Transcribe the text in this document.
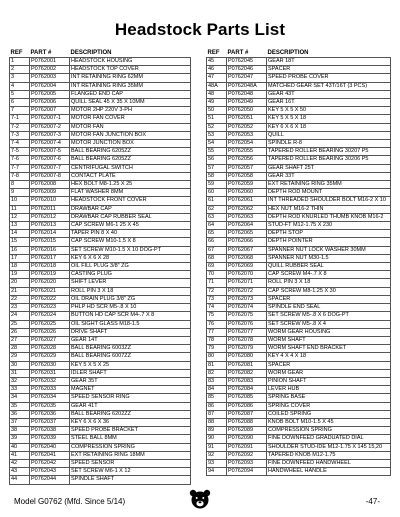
Headstock Parts List
REF	PART #	DESCRIPTION
1	P0762001	HEADSTOCK HOUSING
2	P0762002	HEADSTOCK TOP COVER
3	P0762003	INT RETAINING RING 62MM
4	P0762004	INT RETAINING RING 35MM
5	P0762005	FLANGED END CAP
6	P0762006	QUILL SEAL 45 X 35 X 10MM
7	P0762007	MOTOR 2HP 220V 3-PH
7-1	P0762007-1	MOTOR FAN COVER
7-2	P0762007-2	MOTOR FAN
7-3	P0762007-3	MOTOR FAN JUNCTION BOX
7-4	P0762007-4	MOTOR JUNCTION BOX
7-5	P0762007-5	BALL BEARING 6205ZZ
7-6	P0762007-6	BALL BEARING 6205ZZ
7-7	P0762007-7	CENTRIFUGAL SWITCH
7-8	P0762007-8	CONTACT PLATE
8	P0762008	HEX BOLT M8-1.25 X 25
9	P0762009	FLAT WASHER 8MM
10	P0762010	HEADSTOCK FRONT COVER
11	P0762011	DRAWBAR CAP
12	P0762012	DRAWBAR CAP RUBBER SEAL
13	P0762013	CAP SCREW M6-1 25 X 45
14	P0762014	TAPER PIN 8 X 40
15	P0762015	CAP SCREW M10-1.5 X 8
16	P0762016	SET SCREW M10-1.5 X 10 DOG-PT
17	P0762017	KEY 6 X 6 X 28
18	P0762018	OIL FILL PLUG 3/8" ZG
19	P0762019	CASTING PLUG
20	P0762020	SHIFT LEVER
21	P0762021	ROLL PIN 3 X 18
22	P0762022	OIL DRAIN PLUG 3/8" ZG
23	P0762023	PHLP HD SCR M5-.8 X 10
24	P0762024	BUTTON HD CAP SCR M4-.7 X 8
25	P0762025	OIL SIGHT GLASS M18-1.5
26	P0762026	DRIVE SHAFT
27	P0762027	GEAR 14T
28	P0762028	BALL BEARING 6003ZZ
29	P0762029	BALL BEARING 6007ZZ
30	P0762030	KEY 5 X 5 X 25
31	P0762031	IDLER SHAFT
32	P0762032	GEAR 35T
33	P0762033	MAGNET
34	P0762034	SPEED SENSOR RING
35	P0762035	GEAR 41T
36	P0762036	BALL BEARING 6202ZZ
37	P0762037	KEY 6 X 6 X 36
38	P0762038	SPEED PROBE BRACKET
39	P0762039	STEEL BALL 8MM
40	P0762040	COMPRESSION SPRING
41	P0762041	EXT RETAINING RING 18MM
42	P0762042	SPEED SENSOR
43	P0762043	SET SCREW M6-1 X 12
44	P0762044	SPINDLE SHAFT
REF	PART #	DESCRIPTION
45	P0762045	GEAR 18T
46	P0762046	SPACER
47	P0762047	SPEED PROBE COVER
48A	P0762048A	MATCHED GEAR SET 43T/16T (3 PCS)
48	P0762048	GEAR 43T
49	P0762049	GEAR 16T
50	P0762050	KEY 5 X 5 X 50
51	P0762051	KEY 5 X 5 X 18
52	P0762052	KEY 6 X 6 X 18
53	P0762053	QUILL
54	P0762054	SPINDLE R-8
55	P0762055	TAPERED ROLLER BEARING 30207 P5
56	P0762056	TAPERED ROLLER BEARING 30206 P5
57	P0762057	GEAR SHAFT 25T
58	P0762058	GEAR 33T
59	P0762059	EXT RETAINING RING 35MM
60	P0762060	DEPTH ROD MOUNT
61	P0762061	INT THREADED SHOULDER BOLT M16-2 X 10
62	P0762062	HEX NUT M16-2 THIN
63	P0762063	DEPTH ROD KNURLED THUMB KNOB M16-2
64	P0762064	STUD-FT M12-1.75 X 230
65	P0762065	DEPTH STOP
66	P0762066	DEPTH POINTER
67	P0762067	SPANNER NUT LOCK WASHER 30MM
68	P0762068	SPANNER NUT M30-1.5
69	P0762069	QUILL RUBBER SEAL
70	P0762070	CAP SCREW M4-.7 X 8
71	P0762071	ROLL PIN 3 X 18
72	P0762072	CAP SCREW M8-1.25 X 30
73	P0762073	SPACER
74	P0762074	SPINDLE END SEAL
75	P0762075	SET SCREW M5-.8 X 6 DOG-PT
76	P0762076	SET SCREW M5-.8 X 4
77	P0762077	WORM GEAR HOUSING
78	P0762078	WORM SHAFT
79	P0762079	WORM SHAFT END BRACKET
80	P0762080	KEY 4 X 4 X 18
81	P0762081	SPACER
82	P0762082	WORM GEAR
83	P0762083	PINION SHAFT
84	P0762084	LEVER HUB
85	P0762085	SPRING BASE
86	P0762086	SPRING COVER
87	P0762087	COILED SPRING
88	P0762088	KNOB BOLT M10-1.5 X 45
89	P0762089	COMPRESSION SPRING
90	P0762090	FINE DOWNFEED GRADUATED DIAL
91	P0762091	SHOULDER STUD-IDE M12-1.75 X 145 15,20
92	P0762092	TAPERED KNOB M12-1.75
93	P0762093	FINE DOWNFEED HANDWHEEL
94	P0762094	HANDWHEEL HANDLE
Model G0762 (Mfd. Since 5/14)	-47-
